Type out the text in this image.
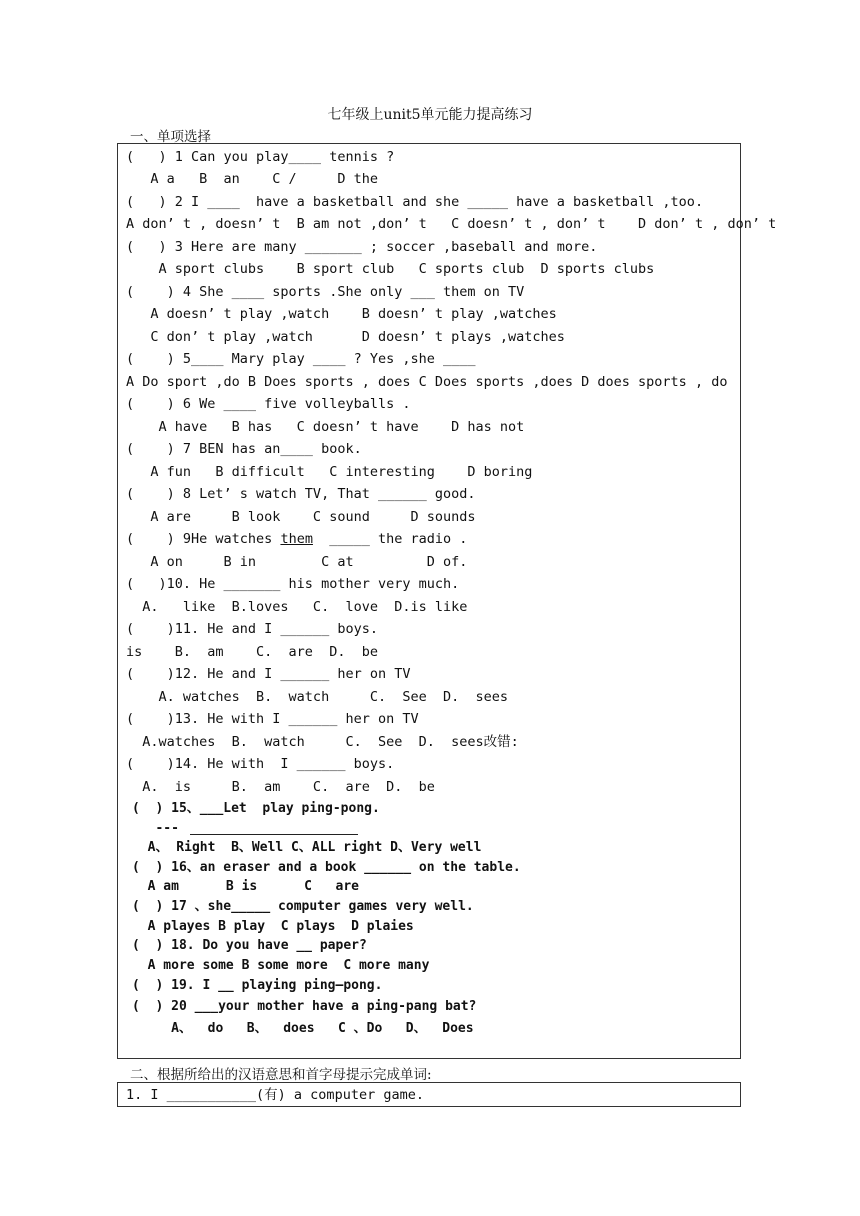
七年级上unit5单元能力提高练习
一、单项选择
(   ) 1 Can you play____ tennis ?
A a   B  an    C /     D the
(   ) 2 I ____  have a basketball and she _____ have a basketball ,too.
A don’ t , doesn’ t  B am not ,don’ t   C doesn’ t , don’ t    D don’ t , don’ t
(   ) 3 Here are many _______ ; soccer ,baseball and more.
A sport clubs    B sport club   C sports club  D sports clubs
(    ) 4 She ____ sports .She only ___ them on TV
A doesn’ t play ,watch    B doesn’ t play ,watches
C don’ t play ,watch      D doesn’ t plays ,watches
(    ) 5____ Mary play ____ ? Yes ,she ____
A Do sport ,do B Does sports , does C Does sports ,does D does sports , do
(    ) 6 We ____ five volleyballs .
A have   B has   C doesn’ t have    D has not
(    ) 7 BEN has an____ book.
A fun   B difficult   C interesting    D boring
(    ) 8 Let’ s watch TV, That ______ good.
A are     B look    C sound     D sounds
(    ) 9He watches them  _____ the radio .
A on     B in        C at         D of.
(   )10. He _______ his mother very much.
A.   like  B.loves   C.  love  D.is like
(    )11. He and I ______ boys.
is    B.  am    C.  are  D.  be
(    )12. He and I ______ her on TV
A. watches  B.  watch     C.  See  D.  sees
(    )13. He with I ______ her on TV
A.watches  B.  watch     C.  See  D.  sees改错:
(    )14. He with  I ______ boys.
A.  is     B.  am    C.  are  D.  be
(  ) 15、___Let  play ping-pong.
---
A、 Right  B、Well C、ALL right D、Very well
(  ) 16、an eraser and a book ______ on the table.
A am      B is      C   are
(  ) 17 、she_____ computer games very well.
A playes B play  C plays  D plaies
(  ) 18. Do you have __ paper?
A more some B some more  C more many
(  ) 19. I __ playing ping—pong.
(  ) 20 ___your mother have a ping-pang bat?
A、  do   B、  does   C 、Do   D、  Does
二、根据所给出的汉语意思和首字母提示完成单词:
1. I ___________(有) a computer game.
